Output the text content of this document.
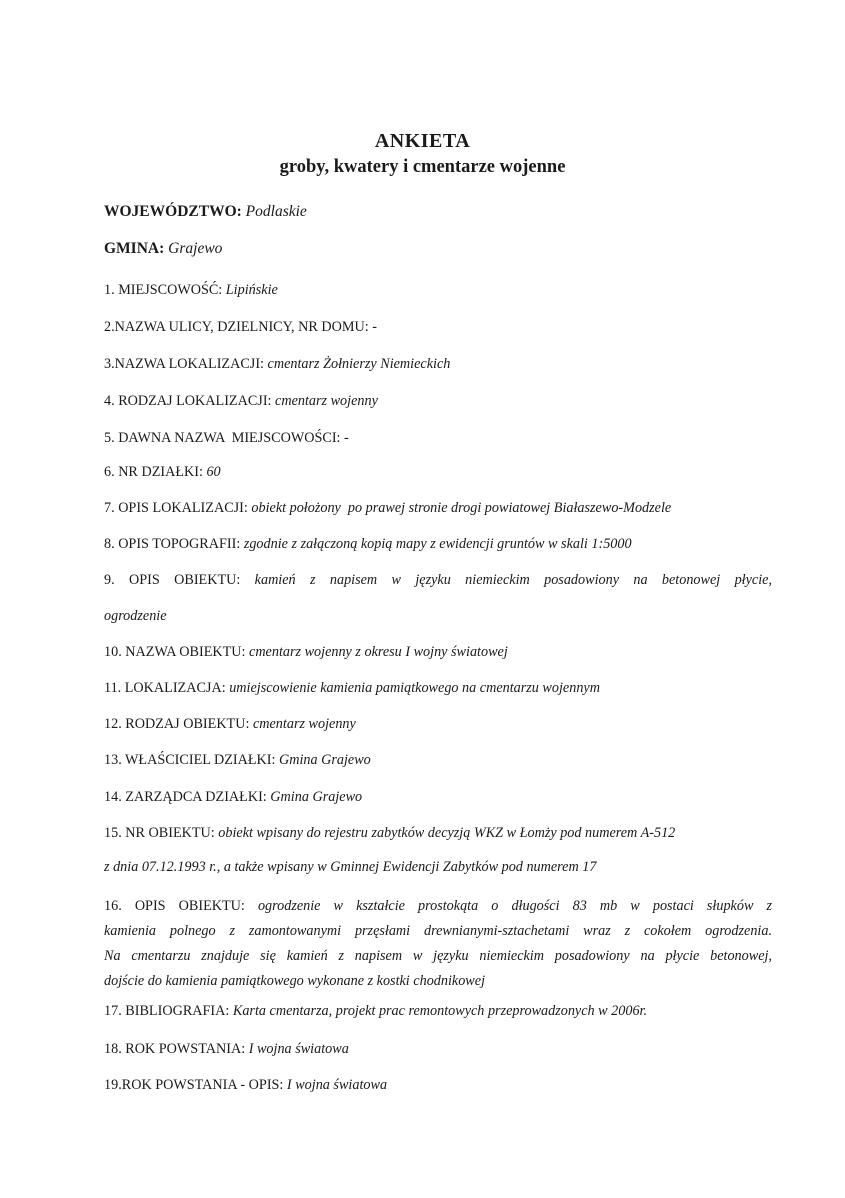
ANKIETA
groby, kwatery i cmentarze wojenne
WOJEWÓDZTWO: Podlaskie
GMINA: Grajewo
1. MIEJSCOWOŚĆ: Lipińskie
2.NAZWA ULICY, DZIELNICY, NR DOMU: -
3.NAZWA LOKALIZACJI: cmentarz Żołnierzy Niemieckich
4. RODZAJ LOKALIZACJI: cmentarz wojenny
5. DAWNA NAZWA  MIEJSCOWOŚCI: -
6. NR DZIAŁKI: 60
7. OPIS LOKALIZACJI: obiekt położony  po prawej stronie drogi powiatowej Białaszewo-Modzele
8. OPIS TOPOGRAFII: zgodnie z załączoną kopią mapy z ewidencji gruntów w skali 1:5000
9. OPIS OBIEKTU: kamień z napisem w języku niemieckim posadowiony na betonowej płycie,
ogrodzenie
10. NAZWA OBIEKTU: cmentarz wojenny z okresu I wojny światowej
11. LOKALIZACJA: umiejscowienie kamienia pamiątkowego na cmentarzu wojennym
12. RODZAJ OBIEKTU: cmentarz wojenny
13. WŁAŚCICIEL DZIAŁKI: Gmina Grajewo
14. ZARZĄDCA DZIAŁKI: Gmina Grajewo
15. NR OBIEKTU: obiekt wpisany do rejestru zabytków decyzją WKZ w Łomży pod numerem A-512
z dnia 07.12.1993 r., a także wpisany w Gminnej Ewidencji Zabytków pod numerem 17
16. OPIS OBIEKTU: ogrodzenie w kształcie prostokąta o długości 83 mb w postaci słupków z
kamienia polnego z zamontowanymi przęsłami drewnianymi-sztachetami wraz z cokołem ogrodzenia.
Na cmentarzu znajduje się kamień z napisem w języku niemieckim posadowiony na płycie betonowej,
dojście do kamienia pamiątkowego wykonane z kostki chodnikowej
17. BIBLIOGRAFIA: Karta cmentarza, projekt prac remontowych przeprowadzonych w 2006r.
18. ROK POWSTANIA: I wojna światowa
19.ROK POWSTANIA - OPIS: I wojna światowa
